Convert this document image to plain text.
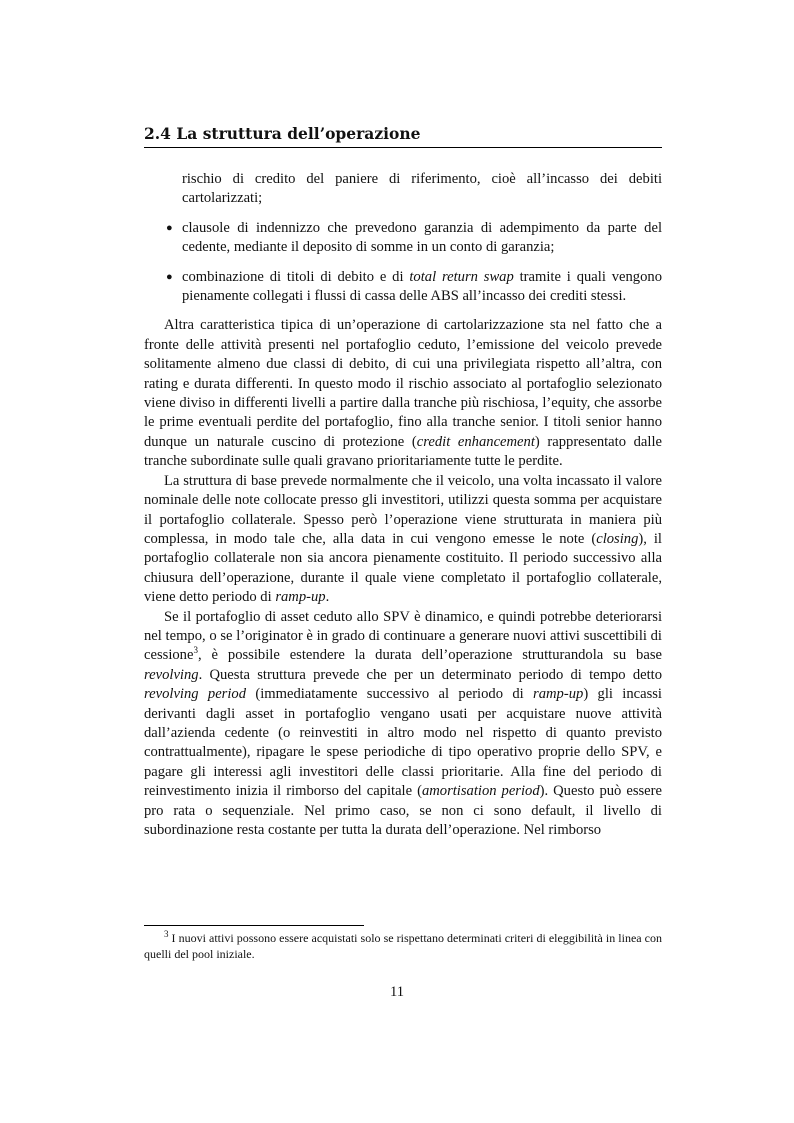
2.4 La struttura dell’operazione
rischio di credito del paniere di riferimento, cioè all’incasso dei debiti cartolarizzati;
● clausole di indennizzo che prevedono garanzia di adempimento da parte del cedente, mediante il deposito di somme in un conto di garanzia;
● combinazione di titoli di debito e di total return swap tramite i quali vengono pienamente collegati i flussi di cassa delle ABS all’incasso dei crediti stessi.

Altra caratteristica tipica di un’operazione di cartolarizzazione sta nel fatto che a fronte delle attività presenti nel portafoglio ceduto, l’emissione del veicolo prevede solitamente almeno due classi di debito, di cui una privilegiata rispetto all’altra, con rating e durata differenti. In questo modo il rischio associato al portafoglio selezionato viene diviso in differenti livelli a partire dalla tranche più rischiosa, l’equity, che assorbe le prime eventuali perdite del portafoglio, fino alla tranche senior. I titoli senior hanno dunque un naturale cuscino di protezione (credit enhancement) rappresentato dalle tranche subordinate sulle quali gravano prioritariamente tutte le perdite.

La struttura di base prevede normalmente che il veicolo, una volta incassato il valore nominale delle note collocate presso gli investitori, utilizzi questa somma per acquistare il portafoglio collaterale. Spesso però l’operazione viene strutturata in maniera più complessa, in modo tale che, alla data in cui vengono emesse le note (closing), il portafoglio collaterale non sia ancora pienamente costituito. Il periodo successivo alla chiusura dell’operazione, durante il quale viene completato il portafoglio collaterale, viene detto periodo di ramp-up.

Se il portafoglio di asset ceduto allo SPV è dinamico, e quindi potrebbe deteriorarsi nel tempo, o se l’originator è in grado di continuare a generare nuovi attivi suscettibili di cessione$^3$, è possibile estendere la durata dell’operazione strutturandola su base revolving. Questa struttura prevede che per un determinato periodo di tempo detto revolving period (immediatamente successivo al periodo di ramp-up) gli incassi derivanti dagli asset in portafoglio vengano usati per acquistare nuove attività dall’azienda cedente (o reinvestiti in altro modo nel rispetto di quanto previsto contrattualmente), ripagare le spese periodiche di tipo operativo proprie dello SPV, e pagare gli interessi agli investitori delle classi prioritarie. Alla fine del periodo di reinvestimento inizia il rimborso del capitale (amortisation period). Questo può essere pro rata o sequenziale. Nel primo caso, se non ci sono default, il livello di subordinazione resta costante per tutta la durata dell’operazione. Nel rimborso

$^3$ I nuovi attivi possono essere acquistati solo se rispettano determinati criteri di eleggibilità in linea con quelli del pool iniziale.
11
